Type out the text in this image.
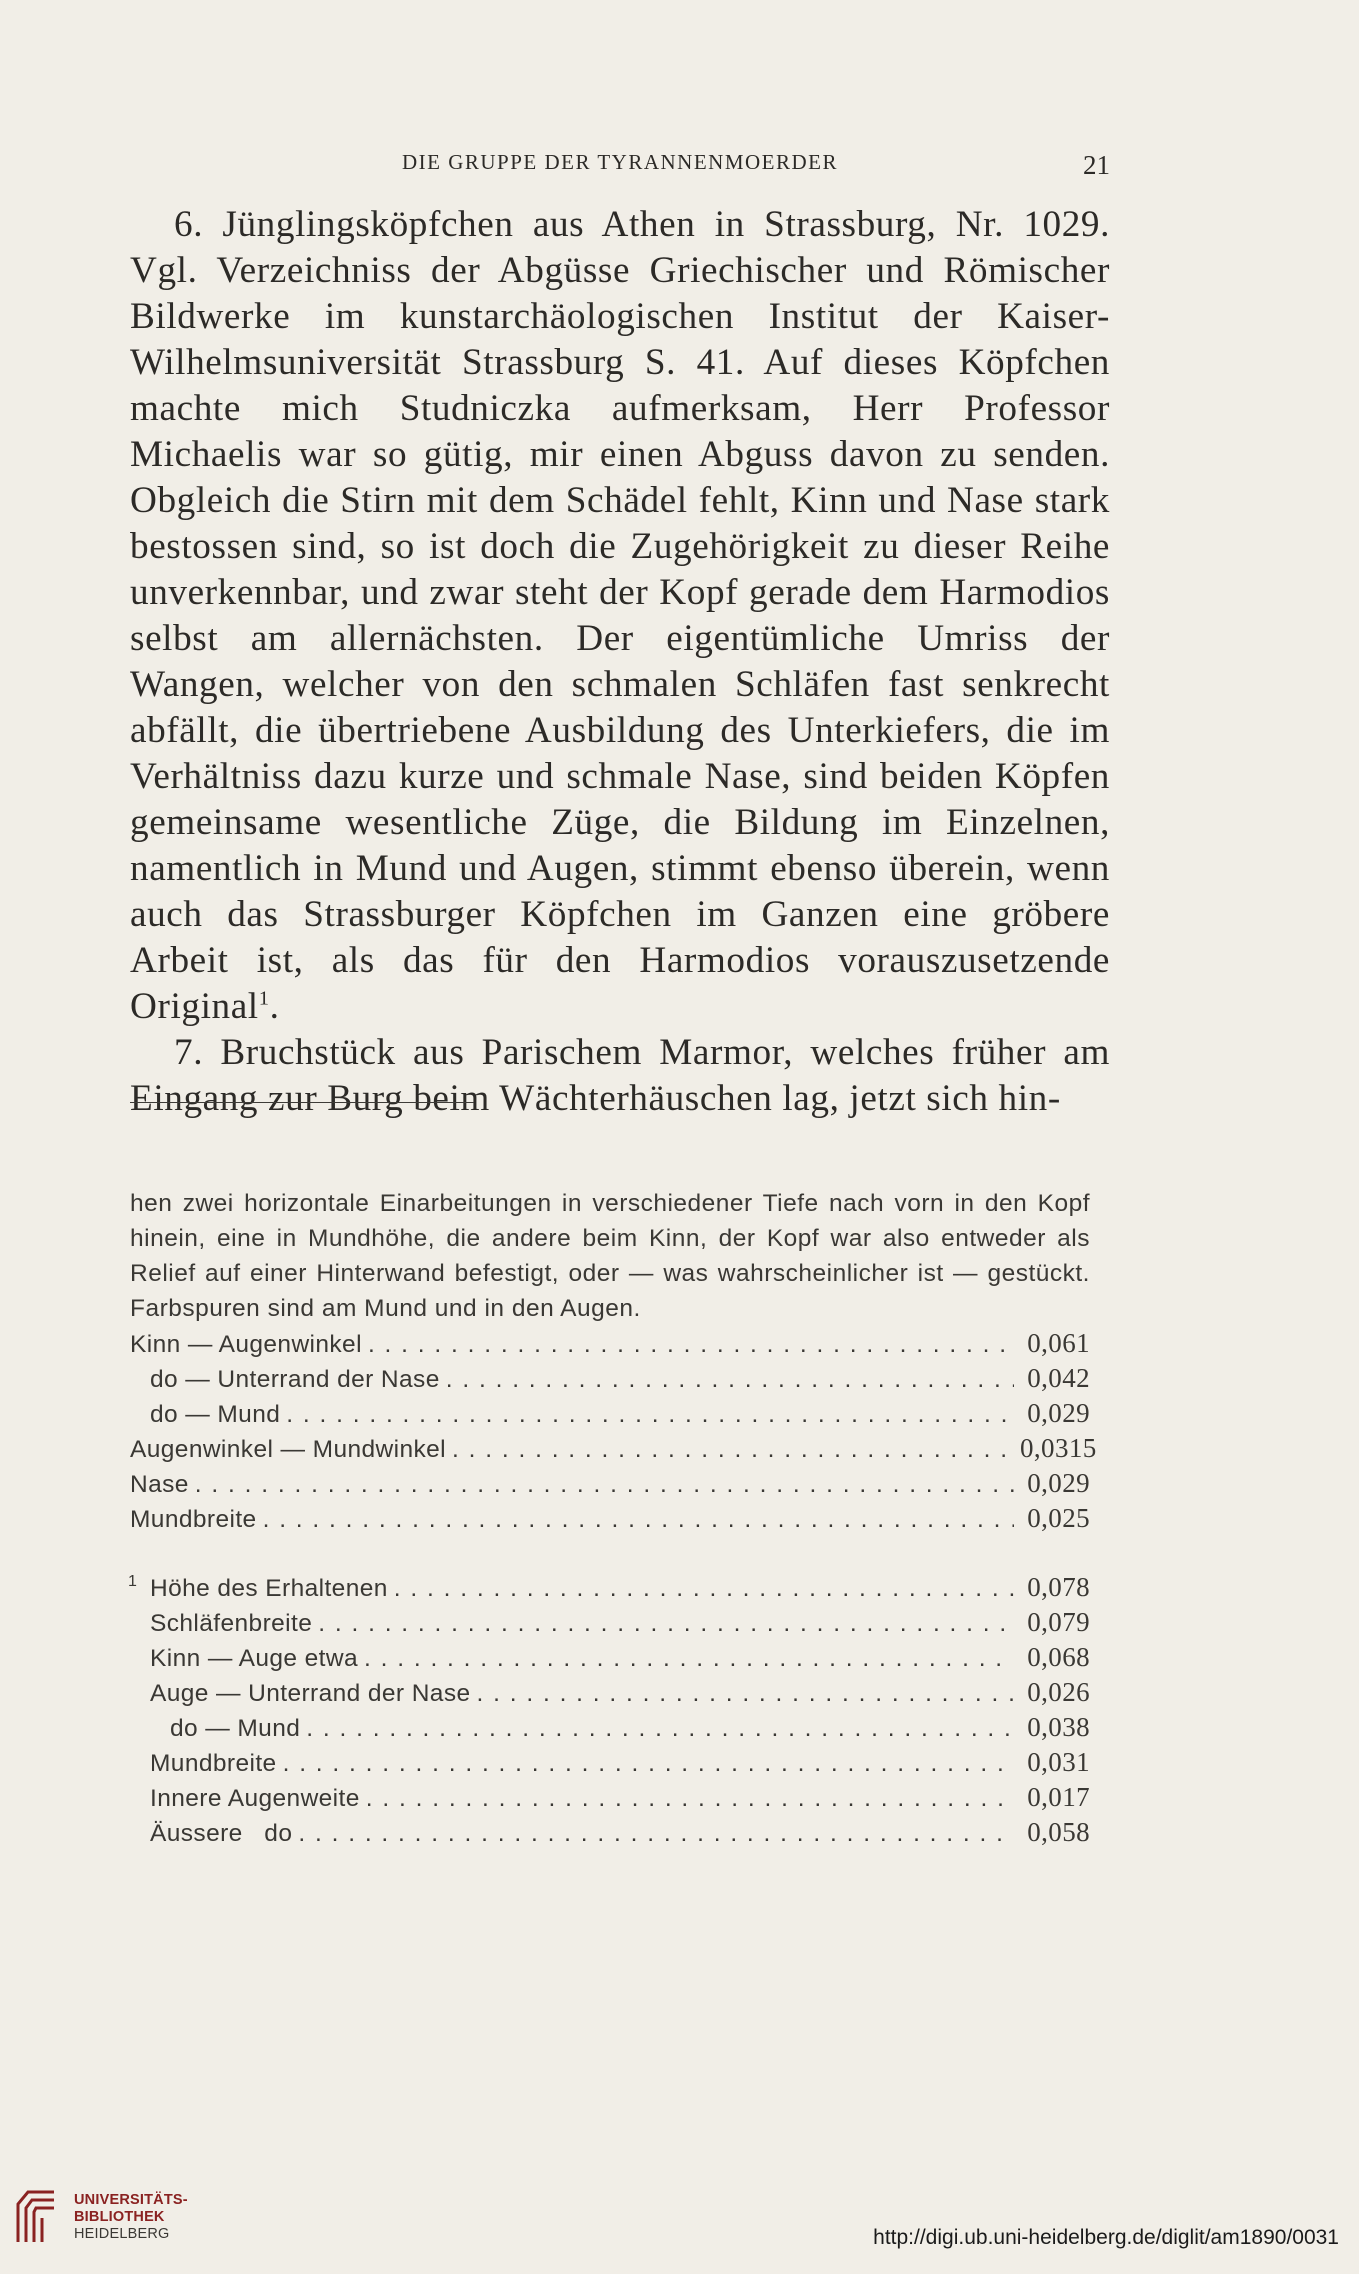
DIE GRUPPE DER TYRANNENMOERDER	21

6. Jünglingsköpfchen aus Athen in Strassburg, Nr. 1029. Vgl. Verzeichniss der Abgüsse Griechischer und Römischer Bildwerke im kunstarchäologischen Institut der Kaiser-Wilhelmsuniversität Strassburg S. 41. Auf dieses Köpfchen machte mich Studniczka aufmerksam, Herr Professor Michaelis war so gütig, mir einen Abguss davon zu senden. Obgleich die Stirn mit dem Schädel fehlt, Kinn und Nase stark bestossen sind, so ist doch die Zugehörigkeit zu dieser Reihe unverkennbar, und zwar steht der Kopf gerade dem Harmodios selbst am allernächsten. Der eigentümliche Umriss der Wangen, welcher von den schmalen Schläfen fast senkrecht abfällt, die übertriebene Ausbildung des Unterkiefers, die im Verhältniss dazu kurze und schmale Nase, sind beiden Köpfen gemeinsame wesentliche Züge, die Bildung im Einzelnen, namentlich in Mund und Augen, stimmt ebenso überein, wenn auch das Strassburger Köpfchen im Ganzen eine gröbere Arbeit ist, als das für den Harmodios vorauszusetzende Original$^1$.

7. Bruchstück aus Parischem Marmor, welches früher am Eingang zur Burg beim Wächterhäuschen lag, jetzt sich hin-

hen zwei horizontale Einarbeitungen in verschiedener Tiefe nach vorn in den Kopf hinein, eine in Mundhöhe, die andere beim Kinn, der Kopf war also entweder als Relief auf einer Hinterwand befestigt, oder — was wahrscheinlicher ist — gestückt. Farbspuren sind am Mund und in den Augen.
Kinn — Augenwinkel . . .	0,061
do — Unterrand der Nase . . .	0,042
do — Mund . . .	0,029
Augenwinkel — Mundwinkel . . .	0,0315
Nase . . .	0,029
Mundbreite . . .	0,025
1 Höhe des Erhaltenen . . .	0,078
Schläfenbreite . . .	0,079
Kinn — Auge etwa . . .	0,068
Auge — Unterrand der Nase . . .	0,026
do — Mund . . .	0,038
Mundbreite . . .	0,031
Innere Augenweite . . .	0,017
Äussere   do . . .	0,058
UNIVERSITÄTS-
BIBLIOTHEK
HEIDELBERG	http://digi.ub.uni-heidelberg.de/diglit/am1890/0031
